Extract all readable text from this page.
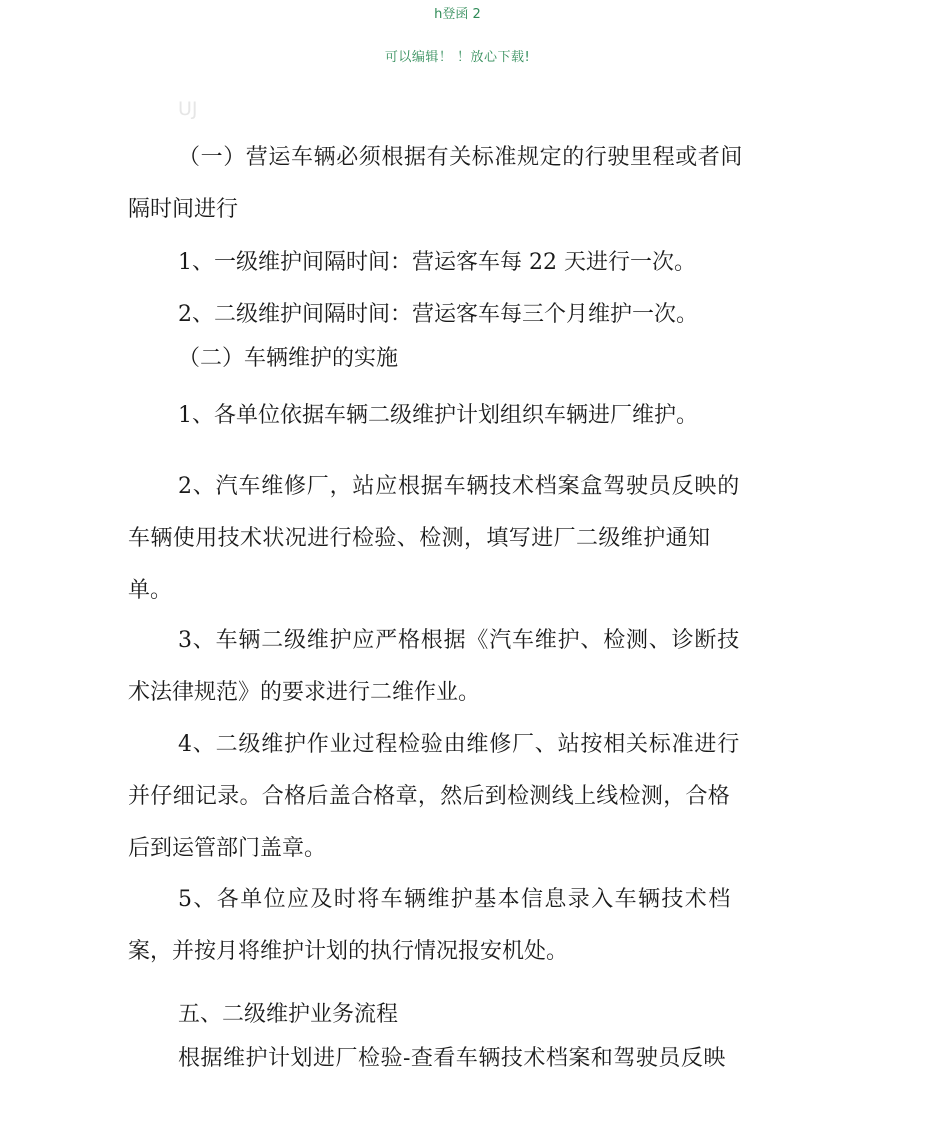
h登函 2
可以编辑！ ！放心下载!
UJ
（一）营运车辆必须根据有关标准规定的行驶里程或者间
隔时间进行
1、一级维护间隔时间：营运客车每 22 天进行一次。
2、二级维护间隔时间：营运客车每三个月维护一次。
（二）车辆维护的实施
1、各单位依据车辆二级维护计划组织车辆进厂维护。
2、汽车维修厂，站应根据车辆技术档案盒驾驶员反映的
车辆使用技术状况进行检验、检测，填写进厂二级维护通知
单。
3、车辆二级维护应严格根据《汽车维护、检测、诊断技
术法律规范》的要求进行二维作业。
4、二级维护作业过程检验由维修厂、站按相关标准进行
并仔细记录。合格后盖合格章，然后到检测线上线检测，合格
后到运管部门盖章。
5、各单位应及时将车辆维护基本信息录入车辆技术档
案，并按月将维护计划的执行情况报安机处。
五、二级维护业务流程
根据维护计划进厂检验-查看车辆技术档案和驾驶员反映
